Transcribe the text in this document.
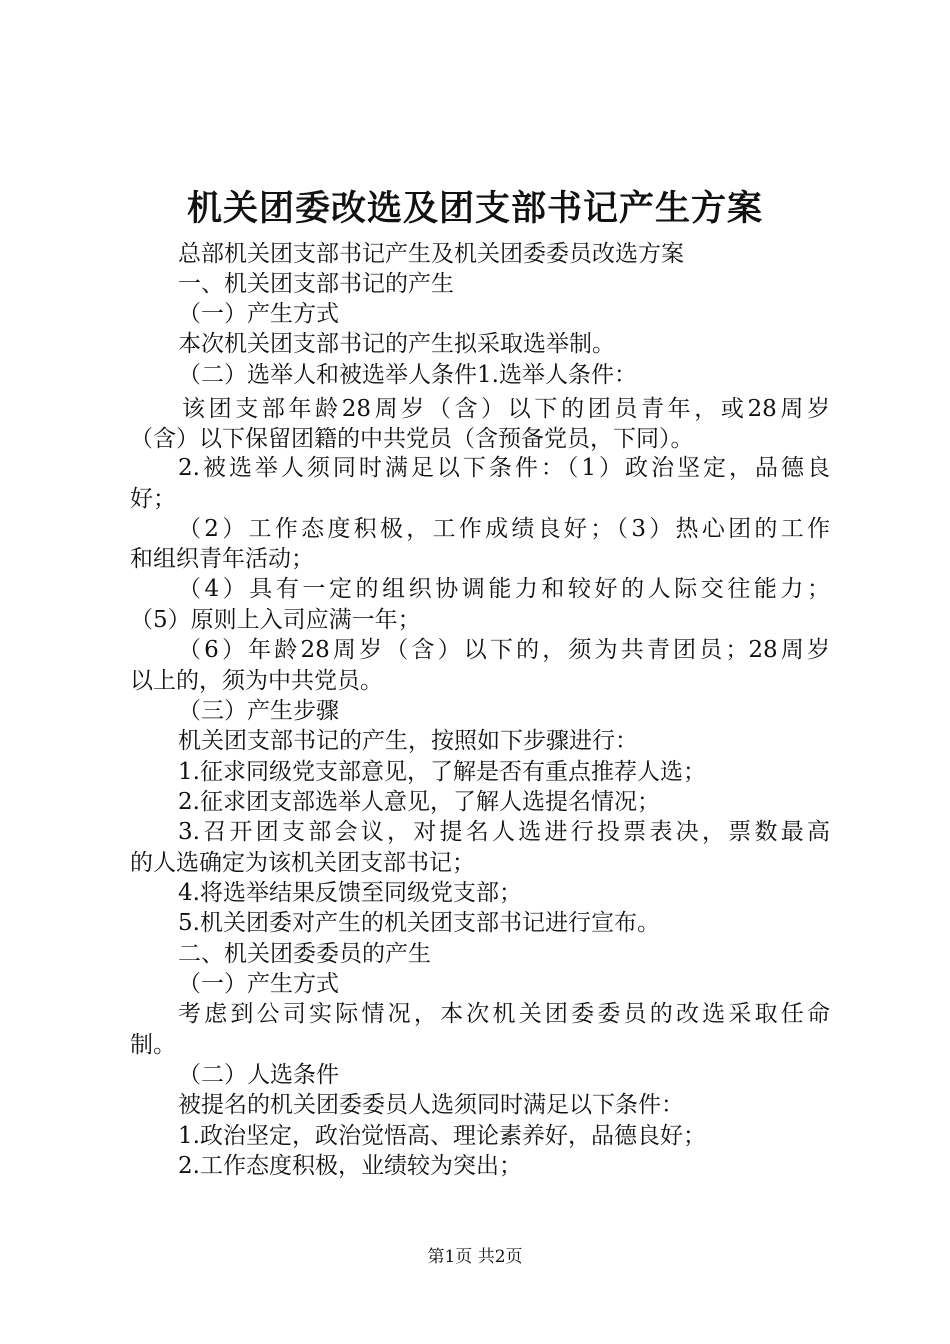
机关团委改选及团支部书记产生方案
总部机关团支部书记产生及机关团委委员改选方案
一、机关团支部书记的产生
（一）产生方式
本次机关团支部书记的产生拟采取选举制。
（二）选举人和被选举人条件1.选举人条件：
该团支部年龄28周岁（含）以下的团员青年，或28周岁
（含）以下保留团籍的中共党员（含预备党员，下同）。
2.被选举人须同时满足以下条件：（1）政治坚定，品德良
好；
（2）工作态度积极，工作成绩良好；（3）热心团的工作
和组织青年活动；
（4）具有一定的组织协调能力和较好的人际交往能力；
（5）原则上入司应满一年；
（6）年龄28周岁（含）以下的，须为共青团员；28周岁
以上的，须为中共党员。
（三）产生步骤
机关团支部书记的产生，按照如下步骤进行：
1.征求同级党支部意见，了解是否有重点推荐人选；
2.征求团支部选举人意见，了解人选提名情况；
3.召开团支部会议，对提名人选进行投票表决，票数最高
的人选确定为该机关团支部书记；
4.将选举结果反馈至同级党支部；
5.机关团委对产生的机关团支部书记进行宣布。
二、机关团委委员的产生
（一）产生方式
考虑到公司实际情况，本次机关团委委员的改选采取任命
制。
（二）人选条件
被提名的机关团委委员人选须同时满足以下条件：
1.政治坚定，政治觉悟高、理论素养好，品德良好；
2.工作态度积极，业绩较为突出；
第1页 共2页
